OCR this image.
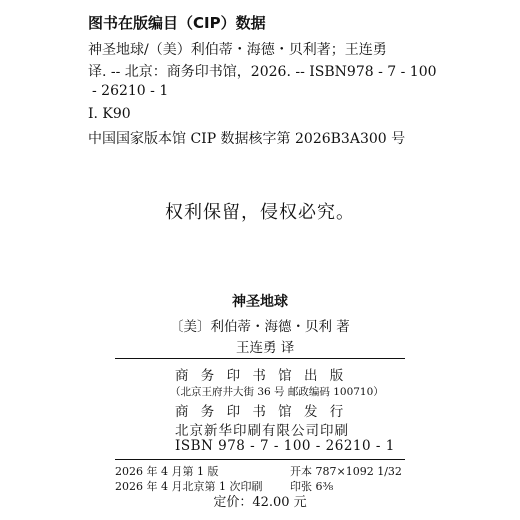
图书在版编目（CIP）数据
神圣地球/（美）利伯蒂・海德・贝利著；王连勇
译. -- 北京：商务印书馆，2026. -- ISBN978 - 7 - 100
- 26210 - 1
I. K90
中国国家版本馆 CIP 数据核字第 2026B3A300 号
权利保留，侵权必究。
神圣地球
〔美〕利伯蒂・海德・贝利 著
王连勇 译
商 务 印 书 馆 出 版
（北京王府井大街 36 号 邮政编码 100710）
商 务 印 书 馆 发 行
北京新华印刷有限公司印刷
ISBN 978 - 7 - 100 - 26210 - 1
2026 年 4 月第 1 版	开本 787×1092 1/32
2026 年 4 月北京第 1 次印刷	印张 6⅜
定价：42.00 元
